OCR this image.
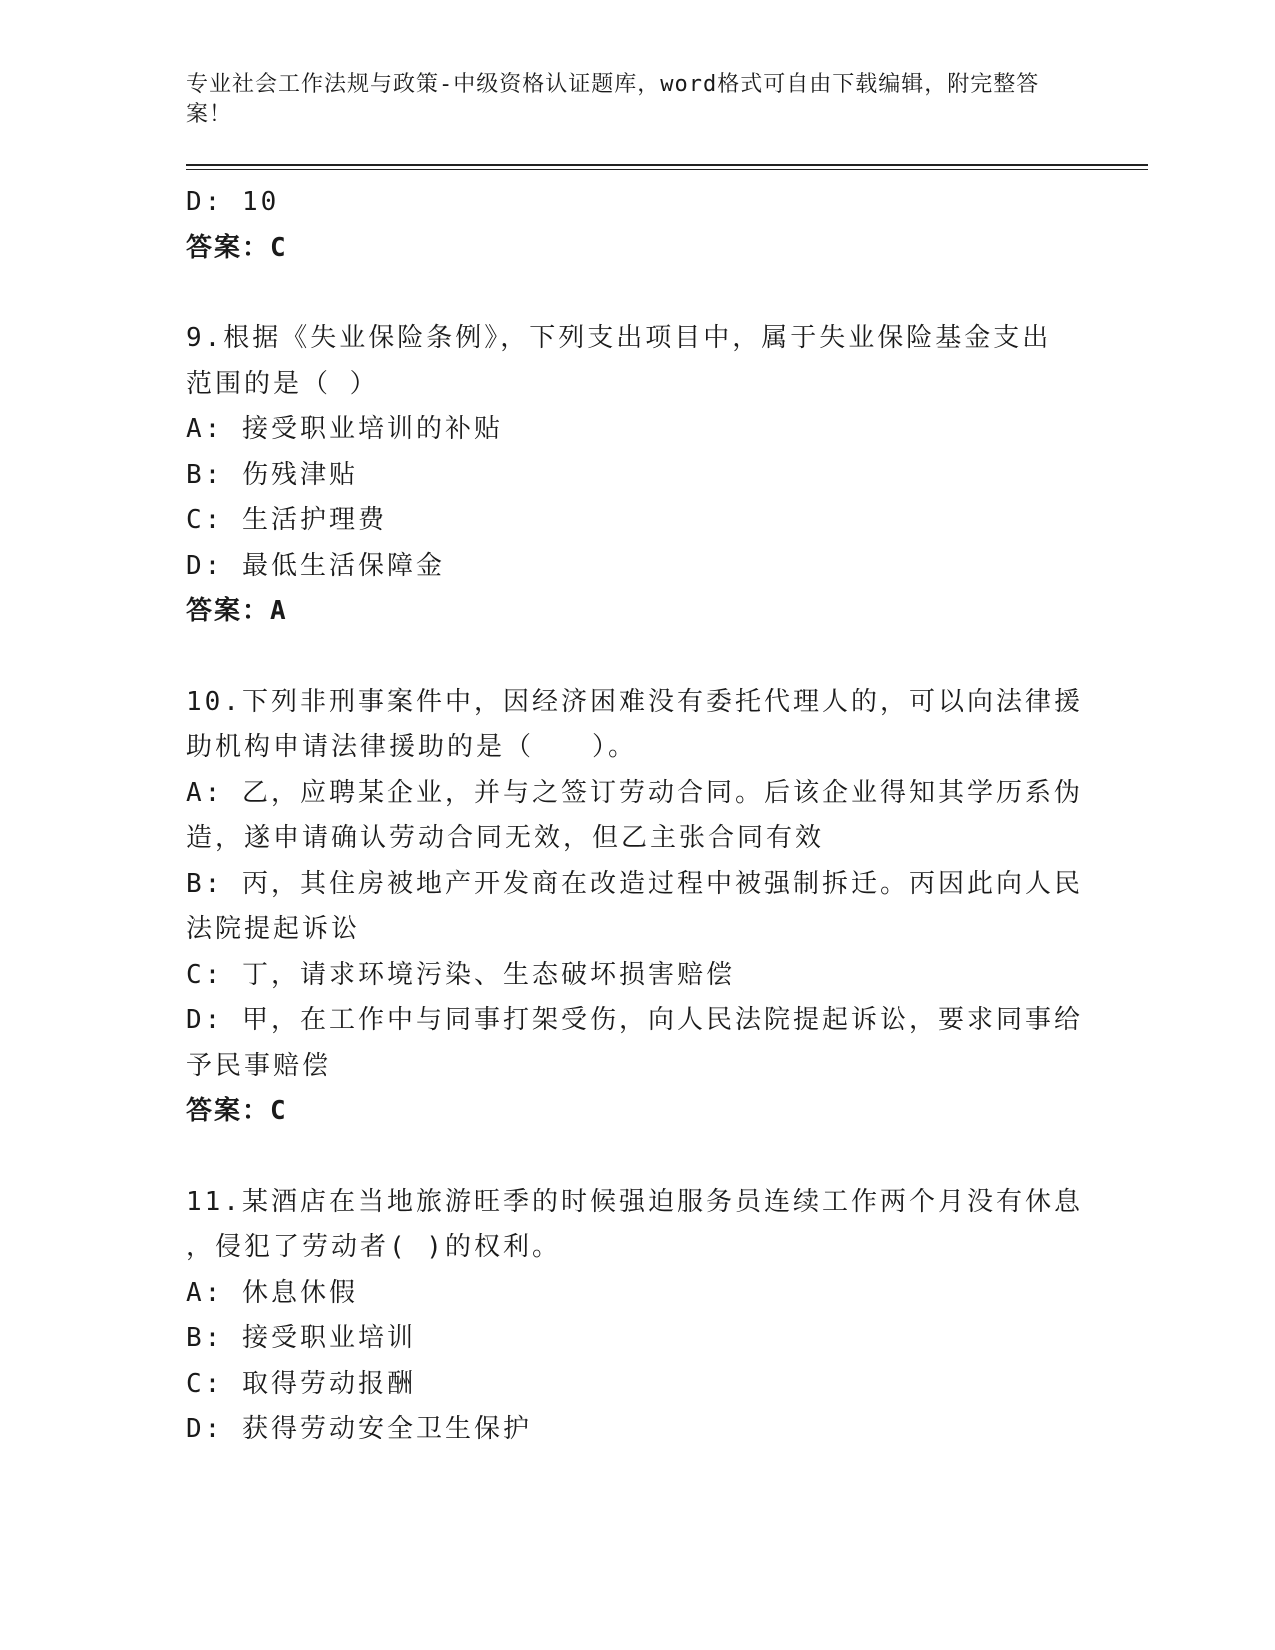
专业社会工作法规与政策-中级资格认证题库，word格式可自由下载编辑，附完整答案！

D: 10

答案：C

9.根据《失业保险条例》，下列支出项目中，属于失业保险基金支出

范围的是（ ）

A: 接受职业培训的补贴

B: 伤残津贴

C: 生活护理费

D: 最低生活保障金

答案：A

10.下列非刑事案件中，因经济困难没有委托代理人的，可以向法律援

助机构申请法律援助的是（　　）。

A: 乙，应聘某企业，并与之签订劳动合同。后该企业得知其学历系伪

造，遂申请确认劳动合同无效，但乙主张合同有效

B: 丙，其住房被地产开发商在改造过程中被强制拆迁。丙因此向人民

法院提起诉讼

C: 丁，请求环境污染、生态破坏损害赔偿

D: 甲，在工作中与同事打架受伤，向人民法院提起诉讼，要求同事给

予民事赔偿

答案：C

11.某酒店在当地旅游旺季的时候强迫服务员连续工作两个月没有休息

，侵犯了劳动者( )的权利。

A: 休息休假

B: 接受职业培训

C: 取得劳动报酬

D: 获得劳动安全卫生保护
